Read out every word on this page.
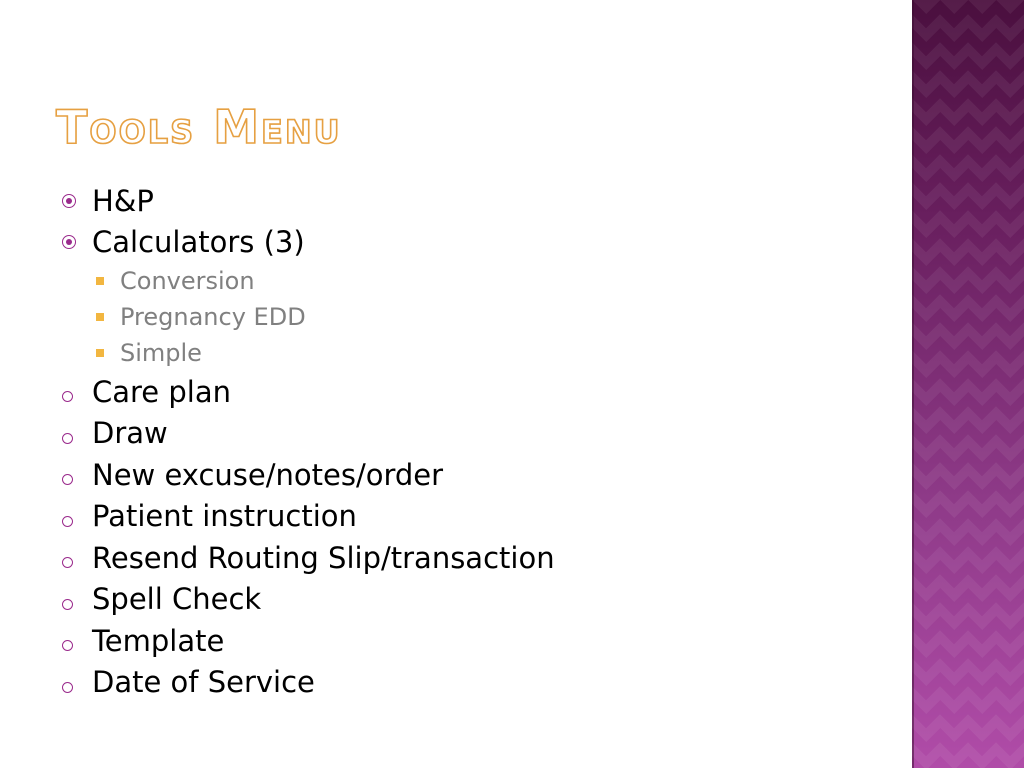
Tools Menu
H&P
Calculators (3)
Conversion
Pregnancy EDD
Simple
Care plan
Draw
New excuse/notes/order
Patient instruction
Resend Routing Slip/transaction
Spell Check
Template
Date of Service
